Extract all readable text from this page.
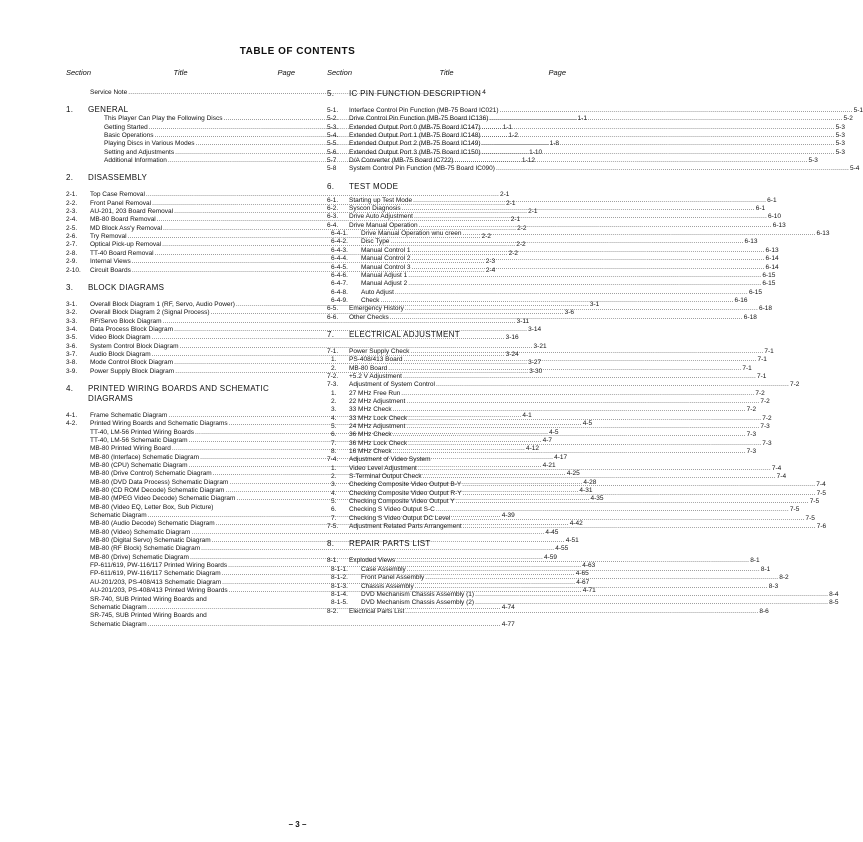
TABLE OF CONTENTS
Section	Title	Page
Service Note .....	4
1.	GENERAL
This Player Can Play the Following Discs .....	1-1
Getting Started .....	1-1
Basic Operations .....	1-2
Playing Discs in Various Modes .....	1-8
Setting and Adjustments .....	1-10
Additional Information .....	1-12
2.	DISASSEMBLY
2-1.	Top Case Removal .....	2-1
2-2.	Front Panel Removal .....	2-1
2-3.	AU-201, 203 Board Removal .....	2-1
2-4.	MB-80 Board Removal .....	2-1
2-5.	MD Block Ass'y Removal .....	2-2
2-6.	Try Removal .....	2-2
2-7.	Optical Pick-up Removal .....	2-2
2-8.	TT-40 Board Removal .....	2-2
2-9.	Internal Views .....	2-3
2-10.	Circuit Boards .....	2-4
3.	BLOCK DIAGRAMS
3-1.	Overall Block Diagram 1 (RF, Servo, Audio Power) .....	3-1
3-2.	Overall Block Diagram 2 (Signal Process) .....	3-6
3-3.	RF/Servo Block Diagram .....	3-11
3-4.	Data Process Block Diagram .....	3-14
3-5.	Video Block Diagram .....	3-16
3-6.	System Control Block Diagram .....	3-21
3-7.	Audio Block Diagram .....	3-24
3-8.	Mode Control Block Diagram .....	3-27
3-9.	Power Supply Block Diagram .....	3-30
4.	PRINTED WIRING BOARDS AND SCHEMATIC
DIAGRAMS
4-1.	Frame Schematic Diagram .....	4-1
4-2.	Printed Wiring Boards and Schematic Diagrams .....	4-5
TT-40, LM-56 Printed Wiring Boards .....	4-5
TT-40, LM-56 Schematic Diagram .....	4-7
MB-80 Printed Wiring Board .....	4-12
MB-80 (Interface) Schematic Diagram .....	4-17
MB-80 (CPU) Schematic Diagram .....	4-21
MB-80 (Drive Control) Schematic Diagram .....	4-25
MB-80 (DVD Data Process) Schematic Diagram .....	4-28
MB-80 (CD ROM Decode) Schematic Diagram .....	4-31
MB-80 (MPEG Video Decode) Schematic Diagram .....	4-35
MB-80 (Video EQ, Letter Box, Sub Picture)
Schematic Diagram .....	4-39
MB-80 (Audio Decode) Schematic Diagram .....	4-42
MB-80 (Video) Schematic Diagram .....	4-45
MB-80 (Digital Servo) Schematic Diagram .....	4-51
MB-80 (RF Block) Schematic Diagram .....	4-55
MB-80 (Drive) Schematic Diagram .....	4-59
FP-611/619, PW-116/117 Printed Wiring Boards .....	4-63
FP-611/619, PW-116/117 Schematic Diagram .....	4-65
AU-201/203, PS-408/413 Schematic Diagram .....	4-67
AU-201/203, PS-408/413 Printed Wiring Boards .....	4-71
SR-740, SUB Printed Wiring Boards and
Schematic Diagram .....	4-74
SR-745, SUB Printed Wiring Boards and
Schematic Diagram .....	4-77
Section	Title	Page
5.	IC PIN FUNCTION DESCRIPTION
5-1.	Interface Control Pin Function (MB-75 Board IC021) .....	5-1
5-2.	Drive Control Pin Function (MB-75 Board IC136) .....	5-2
5-3.	Extended Output Port 0 (MB-75 Board IC147) .....	5-3
5-4.	Extended Output Port 1 (MB-75 Board IC148) .....	5-3
5-5.	Extended Output Port 2 (MB-75 Board IC149) .....	5-3
5-6.	Extended Output Port 3 (MB-75 Board IC150) .....	5-3
5-7	D/A Converter (MB-75 Board IC722) .....	5-3
5-8	System Control Pin Function (MB-75 Board IC090) .....	5-4
6.	TEST MODE
6-1.	Starting up Test Mode .....	6-1
6-2.	Syscon Diagnosis .....	6-1
6-3.	Drive Auto Adjustment .....	6-10
6-4.	Drive Manual Operation .....	6-13
6-4-1.	Drive Manual Operation wnu creen .....	6-13
6-4-2.	Disc Type .....	6-13
6-4-3.	Manual Control 1 .....	6-13
6-4-4.	Manual Control 2 .....	6-14
6-4-5.	Manual Control 3 .....	6-14
6-4-6.	Manual Adjust 1 .....	6-15
6-4-7.	Manual Adjust 2 .....	6-15
6-4-8.	Auto Adjust .....	6-15
6-4-9.	Check .....	6-16
6-5.	Emergency History .....	6-18
6-6.	Other Checks .....	6-18
7.	ELECTRICAL ADJUSTMENT
7-1.	Power Supply Check .....	7-1
1.	PS-408/413 Board .....	7-1
2.	MB-80 Board .....	7-1
7-2.	+5.2 V Adjustment .....	7-1
7-3.	Adjustment of System Control .....	7-2
1.	27 MHz Free Run .....	7-2
2.	22 MHz Adjustment .....	7-2
3.	33 MHz Check .....	7-2
4.	33 MHz Lock Check .....	7-2
5.	24 MHz Adjustment .....	7-3
6.	36 MHz Check .....	7-3
7.	36 MHz Lock Check .....	7-3
8.	16 MHz Check .....	7-3
7-4.	Adjustment of Video System
1.	Video Level Adjustment .....	7-4
2.	S-Terminal Output Check .....	7-4
3.	Checking Composite Video Output B-Y .....	7-4
4.	Checking Composite Video Output R-Y .....	7-5
5.	Checking Composite Video Output Y .....	7-5
6.	Checking S Video Output S-C .....	7-5
7.	Checking S Video Output DC Level .....	7-5
7-5.	Adjustment Related Parts Arrangement .....	7-6
8.	REPAIR PARTS LIST
8-1.	Exploded Views .....	8-1
8-1-1.	Case Assembly .....	8-1
8-1-2.	Front Panel Assembly .....	8-2
8-1-3.	Chassis Assembly .....	8-3
8-1-4.	DVD Mechanism Chassis Assembly (1) .....	8-4
8-1-5.	DVD Mechanism Chassis Assembly (2) .....	8-5
8-2.	Electrical Parts List .....	8-6
– 3 –
